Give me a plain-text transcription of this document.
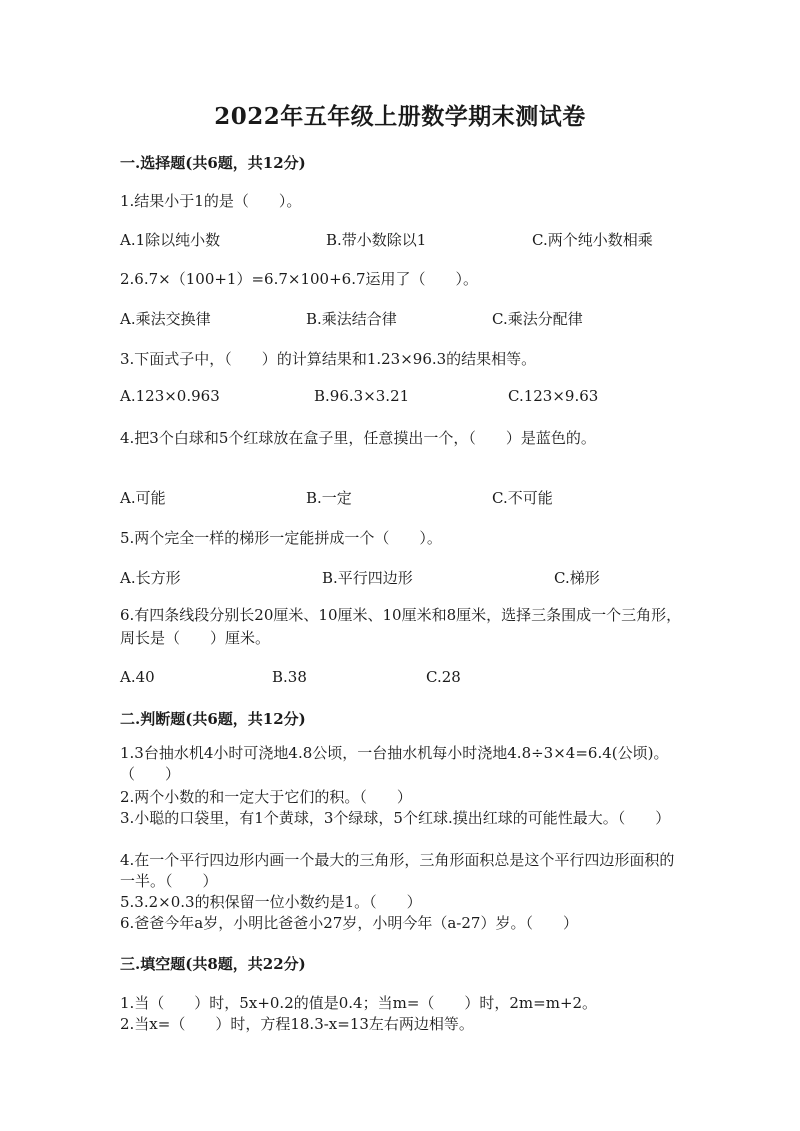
2022年五年级上册数学期末测试卷
一.选择题(共6题，共12分)
1.结果小于1的是（　　）。
A.1除以纯小数	B.带小数除以1	C.两个纯小数相乘
2.6.7×（100+1）=6.7×100+6.7运用了（　　）。
A.乘法交换律	B.乘法结合律	C.乘法分配律
3.下面式子中，（　　）的计算结果和1.23×96.3的结果相等。
A.123×0.963	B.96.3×3.21	C.123×9.63
4.把3个白球和5个红球放在盒子里，任意摸出一个，（　　）是蓝色的。
A.可能	B.一定	C.不可能
5.两个完全一样的梯形一定能拼成一个（　　）。
A.长方形	B.平行四边形	C.梯形
6.有四条线段分别长20厘米、10厘米、10厘米和8厘米，选择三条围成一个三角形，周长是（　　）厘米。
A.40	B.38	C.28
二.判断题(共6题，共12分)
1.3台抽水机4小时可浇地4.8公顷，一台抽水机每小时浇地4.8÷3×4=6.4(公顷)。（　　）
2.两个小数的和一定大于它们的积。（　　）
3.小聪的口袋里，有1个黄球，3个绿球，5个红球.摸出红球的可能性最大。（　　）
4.在一个平行四边形内画一个最大的三角形，三角形面积总是这个平行四边形面积的一半。（　　）
5.3.2×0.3的积保留一位小数约是1。（　　）
6.爸爸今年a岁，小明比爸爸小27岁，小明今年（a-27）岁。（　　）
三.填空题(共8题，共22分)
1.当（　　）时，5x+0.2的值是0.4；当m=（　　）时，2m=m+2。
2.当x=（　　）时，方程18.3-x=13左右两边相等。
